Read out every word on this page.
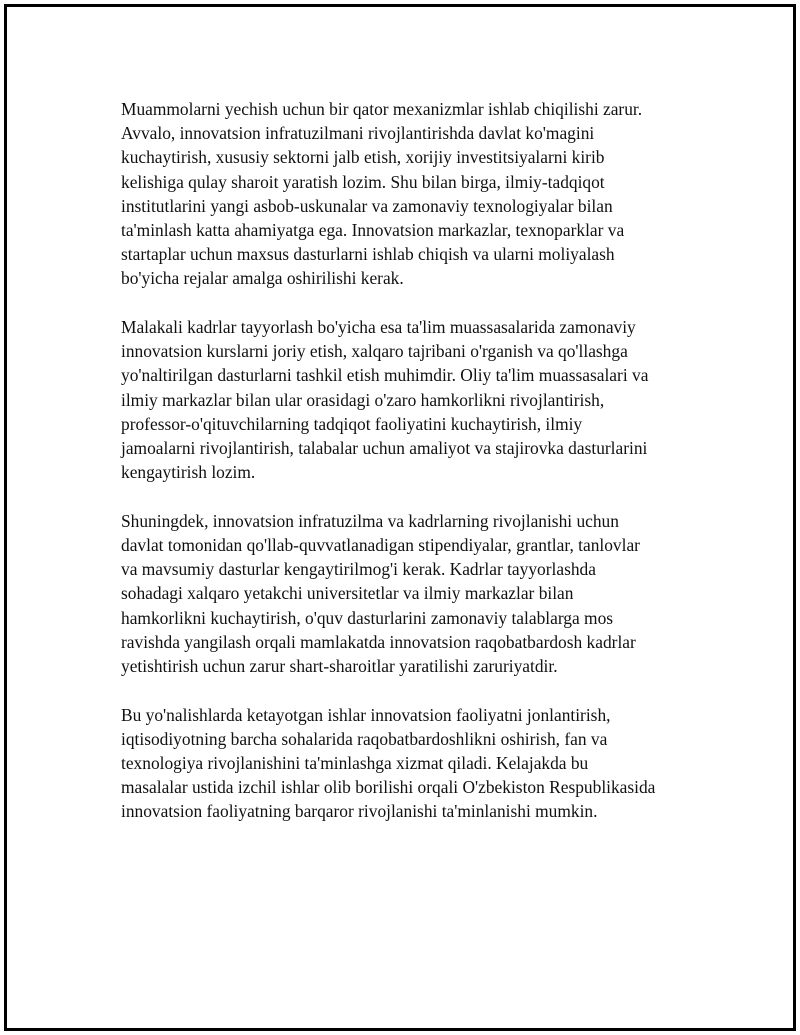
Muammolarni yechish uchun bir qator mexanizmlar ishlab chiqilishi zarur.
Avvalo, innovatsion infratuzilmani rivojlantirishda davlat ko'magini
kuchaytirish, xususiy sektorni jalb etish, xorijiy investitsiyalarni kirib
kelishiga qulay sharoit yaratish lozim. Shu bilan birga, ilmiy-tadqiqot
institutlarini yangi asbob-uskunalar va zamonaviy texnologiyalar bilan
ta'minlash katta ahamiyatga ega. Innovatsion markazlar, texnoparklar va
startaplar uchun maxsus dasturlarni ishlab chiqish va ularni moliyalash
bo'yicha rejalar amalga oshirilishi kerak.

Malakali kadrlar tayyorlash bo'yicha esa ta'lim muassasalarida zamonaviy
innovatsion kurslarni joriy etish, xalqaro tajribani o'rganish va qo'llashga
yo'naltirilgan dasturlarni tashkil etish muhimdir. Oliy ta'lim muassasalari va
ilmiy markazlar bilan ular orasidagi o'zaro hamkorlikni rivojlantirish,
professor-o'qituvchilarning tadqiqot faoliyatini kuchaytirish, ilmiy
jamoalarni rivojlantirish, talabalar uchun amaliyot va stajirovka dasturlarini
kengaytirish lozim.

Shuningdek, innovatsion infratuzilma va kadrlarning rivojlanishi uchun
davlat tomonidan qo'llab-quvvatlanadigan stipendiyalar, grantlar, tanlovlar
va mavsumiy dasturlar kengaytirilmog'i kerak. Kadrlar tayyorlashda
sohadagi xalqaro yetakchi universitetlar va ilmiy markazlar bilan
hamkorlikni kuchaytirish, o'quv dasturlarini zamonaviy talablarga mos
ravishda yangilash orqali mamlakatda innovatsion raqobatbardosh kadrlar
yetishtirish uchun zarur shart-sharoitlar yaratilishi zaruriyatdir.

Bu yo'nalishlarda ketayotgan ishlar innovatsion faoliyatni jonlantirish,
iqtisodiyotning barcha sohalarida raqobatbardoshlikni oshirish, fan va
texnologiya rivojlanishini ta'minlashga xizmat qiladi. Kelajakda bu
masalalar ustida izchil ishlar olib borilishi orqali O'zbekiston Respublikasida
innovatsion faoliyatning barqaror rivojlanishi ta'minlanishi mumkin.
